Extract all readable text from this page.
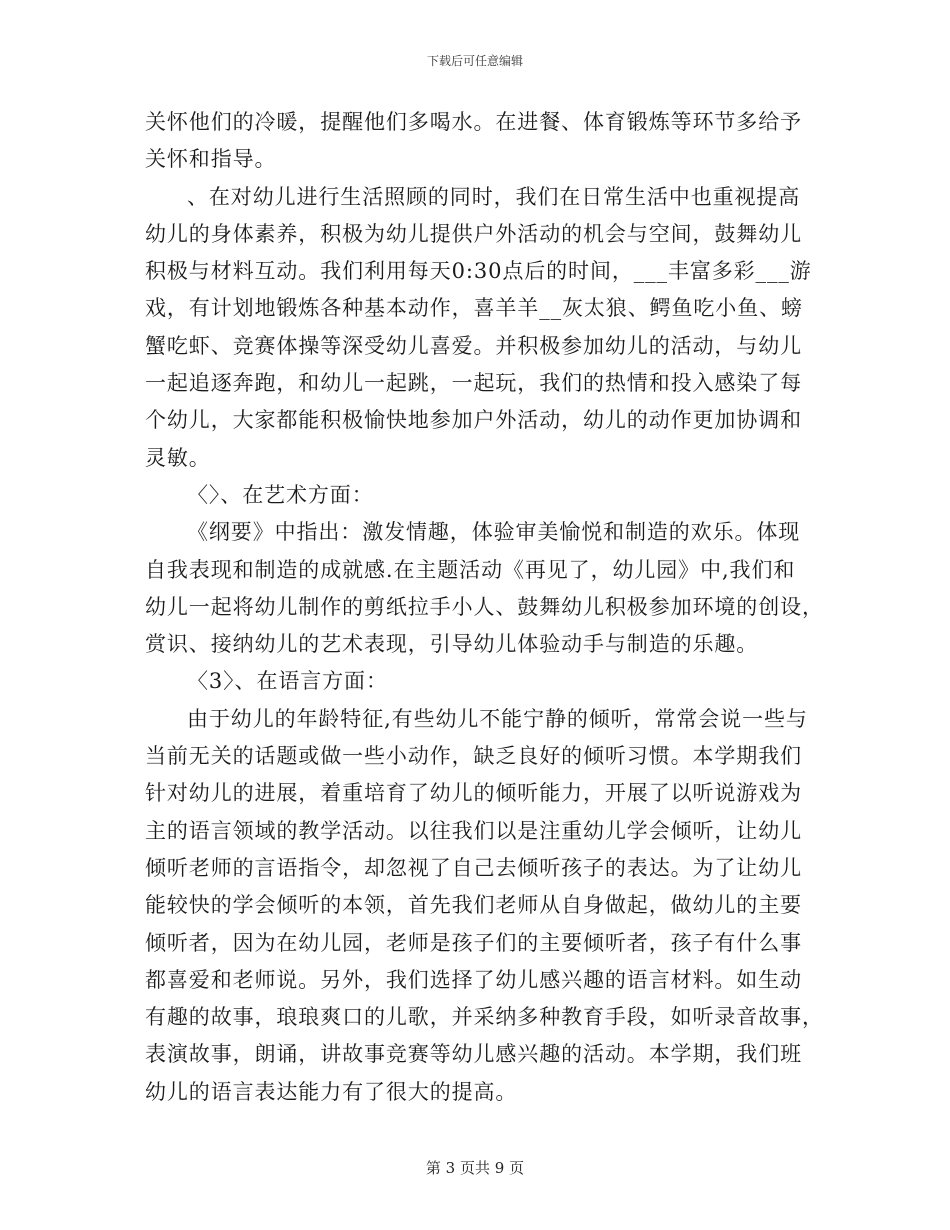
下载后可任意编辑
关怀他们的冷暖，提醒他们多喝水。在进餐、体育锻炼等环节多给予
关怀和指导。
、在对幼儿进行生活照顾的同时，我们在日常生活中也重视提高
幼儿的身体素养，积极为幼儿提供户外活动的机会与空间，鼓舞幼儿
积极与材料互动。我们利用每天0:30点后的时间，___丰富多彩___游
戏，有计划地锻炼各种基本动作，喜羊羊__灰太狼、鳄鱼吃小鱼、螃
蟹吃虾、竞赛体操等深受幼儿喜爱。并积极参加幼儿的活动，与幼儿
一起追逐奔跑，和幼儿一起跳，一起玩，我们的热情和投入感染了每
个幼儿，大家都能积极愉快地参加户外活动，幼儿的动作更加协调和
灵敏。
〈〉、在艺术方面：
《纲要》中指出：激发情趣，体验审美愉悦和制造的欢乐。体现
自我表现和制造的成就感.在主题活动《再见了，幼儿园》中,我们和
幼儿一起将幼儿制作的剪纸拉手小人、鼓舞幼儿积极参加环境的创设，
赏识、接纳幼儿的艺术表现，引导幼儿体验动手与制造的乐趣。
〈3〉、在语言方面：
由于幼儿的年龄特征,有些幼儿不能宁静的倾听，常常会说一些与
当前无关的话题或做一些小动作，缺乏良好的倾听习惯。本学期我们
针对幼儿的进展，着重培育了幼儿的倾听能力，开展了以听说游戏为
主的语言领域的教学活动。以往我们以是注重幼儿学会倾听，让幼儿
倾听老师的言语指令，却忽视了自己去倾听孩子的表达。为了让幼儿
能较快的学会倾听的本领，首先我们老师从自身做起，做幼儿的主要
倾听者，因为在幼儿园，老师是孩子们的主要倾听者，孩子有什么事
都喜爱和老师说。另外，我们选择了幼儿感兴趣的语言材料。如生动
有趣的故事，琅琅爽口的儿歌，并采纳多种教育手段，如听录音故事，
表演故事，朗诵，讲故事竞赛等幼儿感兴趣的活动。本学期，我们班
幼儿的语言表达能力有了很大的提高。
第 3 页共 9 页
